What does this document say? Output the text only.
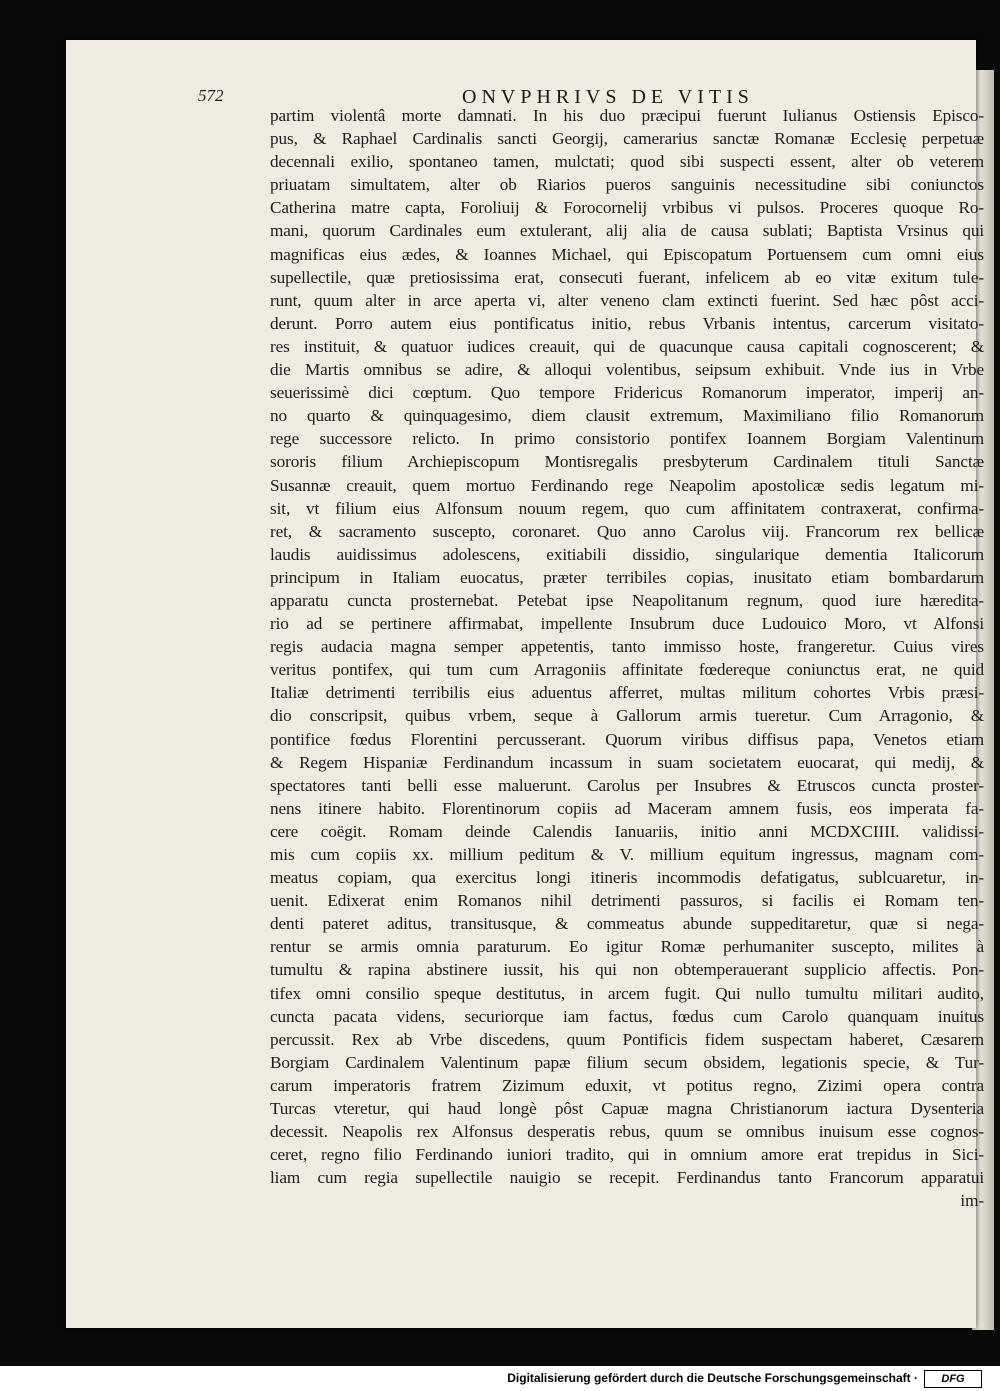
572	ONVPHRIVS DE VITIS
partim violentâ morte damnati. In his duo præcipui fuerunt Iulianus Ostiensis Episco-
pus, & Raphael Cardinalis sancti Georgij, camerarius sanctæ Romanæ Ecclesię perpetuæ
decennali exilio, spontaneo tamen, mulctati; quod sibi suspecti essent, alter ob veterem
priuatam simultatem, alter ob Riarios pueros sanguinis necessitudine sibi coniunctos
Catherina matre capta, Foroliuij & Forocornelij vrbibus vi pulsos. Proceres quoque Ro-
mani, quorum Cardinales eum extulerant, alij alia de causa sublati; Baptista Vrsinus qui
magnificas eius ædes, & Ioannes Michael, qui Episcopatum Portuensem cum omni eius
supellectile, quæ pretiosissima erat, consecuti fuerant, infelicem ab eo vitæ exitum tule-
runt, quum alter in arce aperta vi, alter veneno clam extincti fuerint. Sed hæc pôst acci-
derunt. Porro autem eius pontificatus initio, rebus Vrbanis intentus, carcerum visitato-
res instituit, & quatuor iudices creauit, qui de quacunque causa capitali cognoscerent; &
die Martis omnibus se adire, & alloqui volentibus, seipsum exhibuit. Vnde ius in Vrbe
seuerissimè dici cœptum. Quo tempore Fridericus Romanorum imperator, imperij an-
no quarto & quinquagesimo, diem clausit extremum, Maximiliano filio Romanorum
rege successore relicto. In primo consistorio pontifex Ioannem Borgiam Valentinum
sororis filium Archiepiscopum Montisregalis presbyterum Cardinalem tituli Sanctæ
Susannæ creauit, quem mortuo Ferdinando rege Neapolim apostolicæ sedis legatum mi-
sit, vt filium eius Alfonsum nouum regem, quo cum affinitatem contraxerat, confirma-
ret, & sacramento suscepto, coronaret. Quo anno Carolus viij. Francorum rex bellicæ
laudis auidissimus adolescens, exitiabili dissidio, singularique dementia Italicorum
principum in Italiam euocatus, præter terribiles copias, inusitato etiam bombardarum
apparatu cuncta prosternebat. Petebat ipse Neapolitanum regnum, quod iure hæredita-
rio ad se pertinere affirmabat, impellente Insubrum duce Ludouico Moro, vt Alfonsi
regis audacia magna semper appetentis, tanto immisso hoste, frangeretur. Cuius vires
veritus pontifex, qui tum cum Arragoniis affinitate fœdereque coniunctus erat, ne quid
Italiæ detrimenti terribilis eius aduentus afferret, multas militum cohortes Vrbis præsi-
dio conscripsit, quibus vrbem, seque à Gallorum armis tueretur. Cum Arragonio, &
pontifice fœdus Florentini percusserant. Quorum viribus diffisus papa, Venetos etiam
& Regem Hispaniæ Ferdinandum incassum in suam societatem euocarat, qui medij, &
spectatores tanti belli esse maluerunt. Carolus per Insubres & Etruscos cuncta proster-
nens itinere habito. Florentinorum copiis ad Maceram amnem fusis, eos imperata fa-
cere coëgit. Romam deinde Calendis Ianuariis, initio anni MCDXCIIII. validissi-
mis cum copiis xx. millium peditum & V. millium equitum ingressus, magnam com-
meatus copiam, qua exercitus longi itineris incommodis defatigatus, sublcuaretur, in-
uenit. Edixerat enim Romanos nihil detrimenti passuros, si facilis ei Romam ten-
denti pateret aditus, transitusque, & commeatus abunde suppeditaretur, quæ si nega-
rentur se armis omnia paraturum. Eo igitur Romæ perhumaniter suscepto, milites à
tumultu & rapina abstinere iussit, his qui non obtemperauerant supplicio affectis. Pon-
tifex omni consilio speque destitutus, in arcem fugit. Qui nullo tumultu militari audito,
cuncta pacata videns, securiorque iam factus, fœdus cum Carolo quanquam inuitus
percussit. Rex ab Vrbe discedens, quum Pontificis fidem suspectam haberet, Cæsarem
Borgiam Cardinalem Valentinum papæ filium secum obsidem, legationis specie, & Tur-
carum imperatoris fratrem Zizimum eduxit, vt potitus regno, Zizimi opera contra
Turcas vteretur, qui haud longè pôst Capuæ magna Christianorum iactura Dysenteria
decessit. Neapolis rex Alfonsus desperatis rebus, quum se omnibus inuisum esse cognos-
ceret, regno filio Ferdinando iuniori tradito, qui in omnium amore erat trepidus in Sici-
liam cum regia supellectile nauigio se recepit. Ferdinandus tanto Francorum apparatui
im-
Digitalisierung gefördert durch die Deutsche Forschungsgemeinschaft ·	DFG
